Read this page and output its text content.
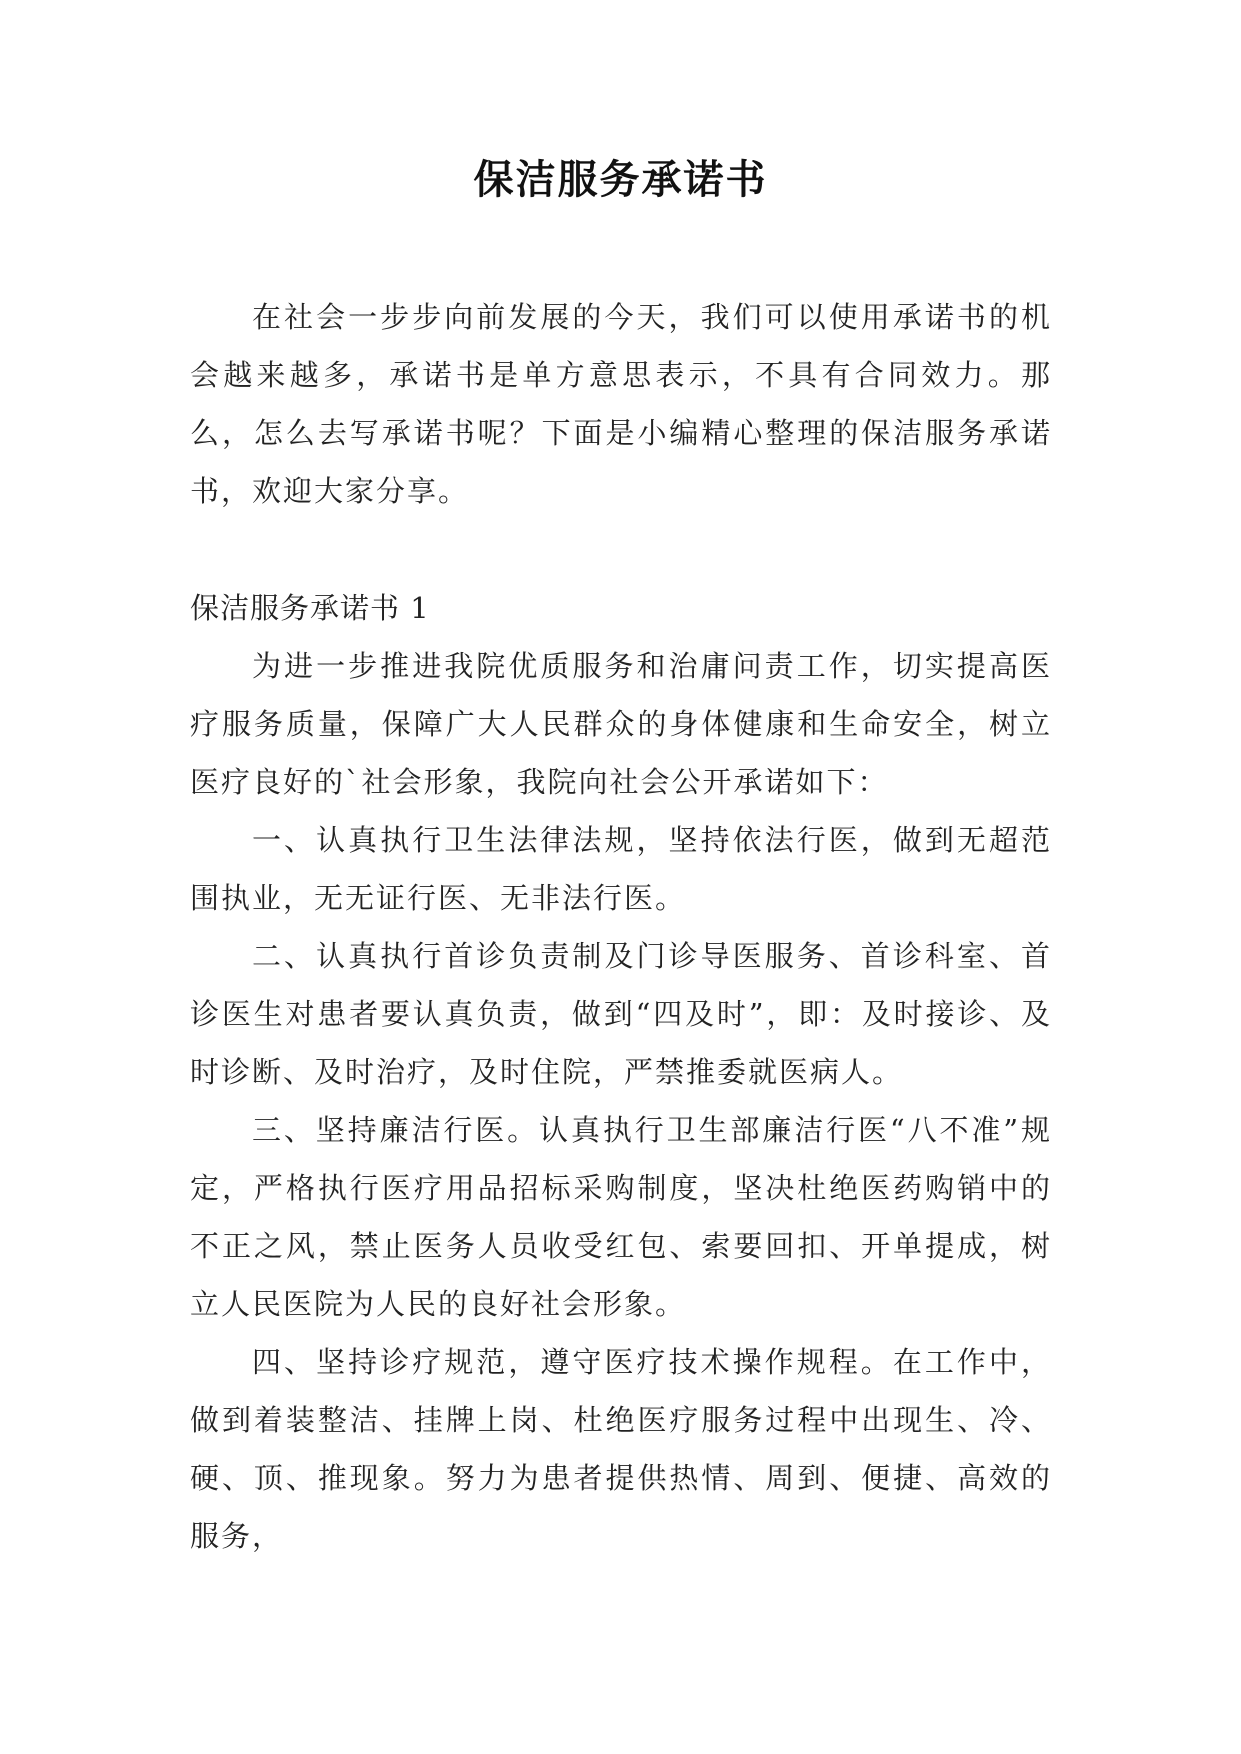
保洁服务承诺书

在社会一步步向前发展的今天，我们可以使用承诺书的机会越来越多，承诺书是单方意思表示，不具有合同效力。那么，怎么去写承诺书呢？下面是小编精心整理的保洁服务承诺书，欢迎大家分享。

保洁服务承诺书 1

为进一步推进我院优质服务和治庸问责工作，切实提高医疗服务质量，保障广大人民群众的身体健康和生命安全，树立医疗良好的`社会形象，我院向社会公开承诺如下：

一、认真执行卫生法律法规，坚持依法行医，做到无超范围执业，无无证行医、无非法行医。

二、认真执行首诊负责制及门诊导医服务、首诊科室、首诊医生对患者要认真负责，做到“四及时”，即：及时接诊、及时诊断、及时治疗，及时住院，严禁推委就医病人。

三、坚持廉洁行医。认真执行卫生部廉洁行医“八不准”规定，严格执行医疗用品招标采购制度，坚决杜绝医药购销中的不正之风，禁止医务人员收受红包、索要回扣、开单提成，树立人民医院为人民的良好社会形象。

四、坚持诊疗规范，遵守医疗技术操作规程。在工作中，做到着装整洁、挂牌上岗、杜绝医疗服务过程中出现生、冷、硬、顶、推现象。努力为患者提供热情、周到、便捷、高效的服务，
